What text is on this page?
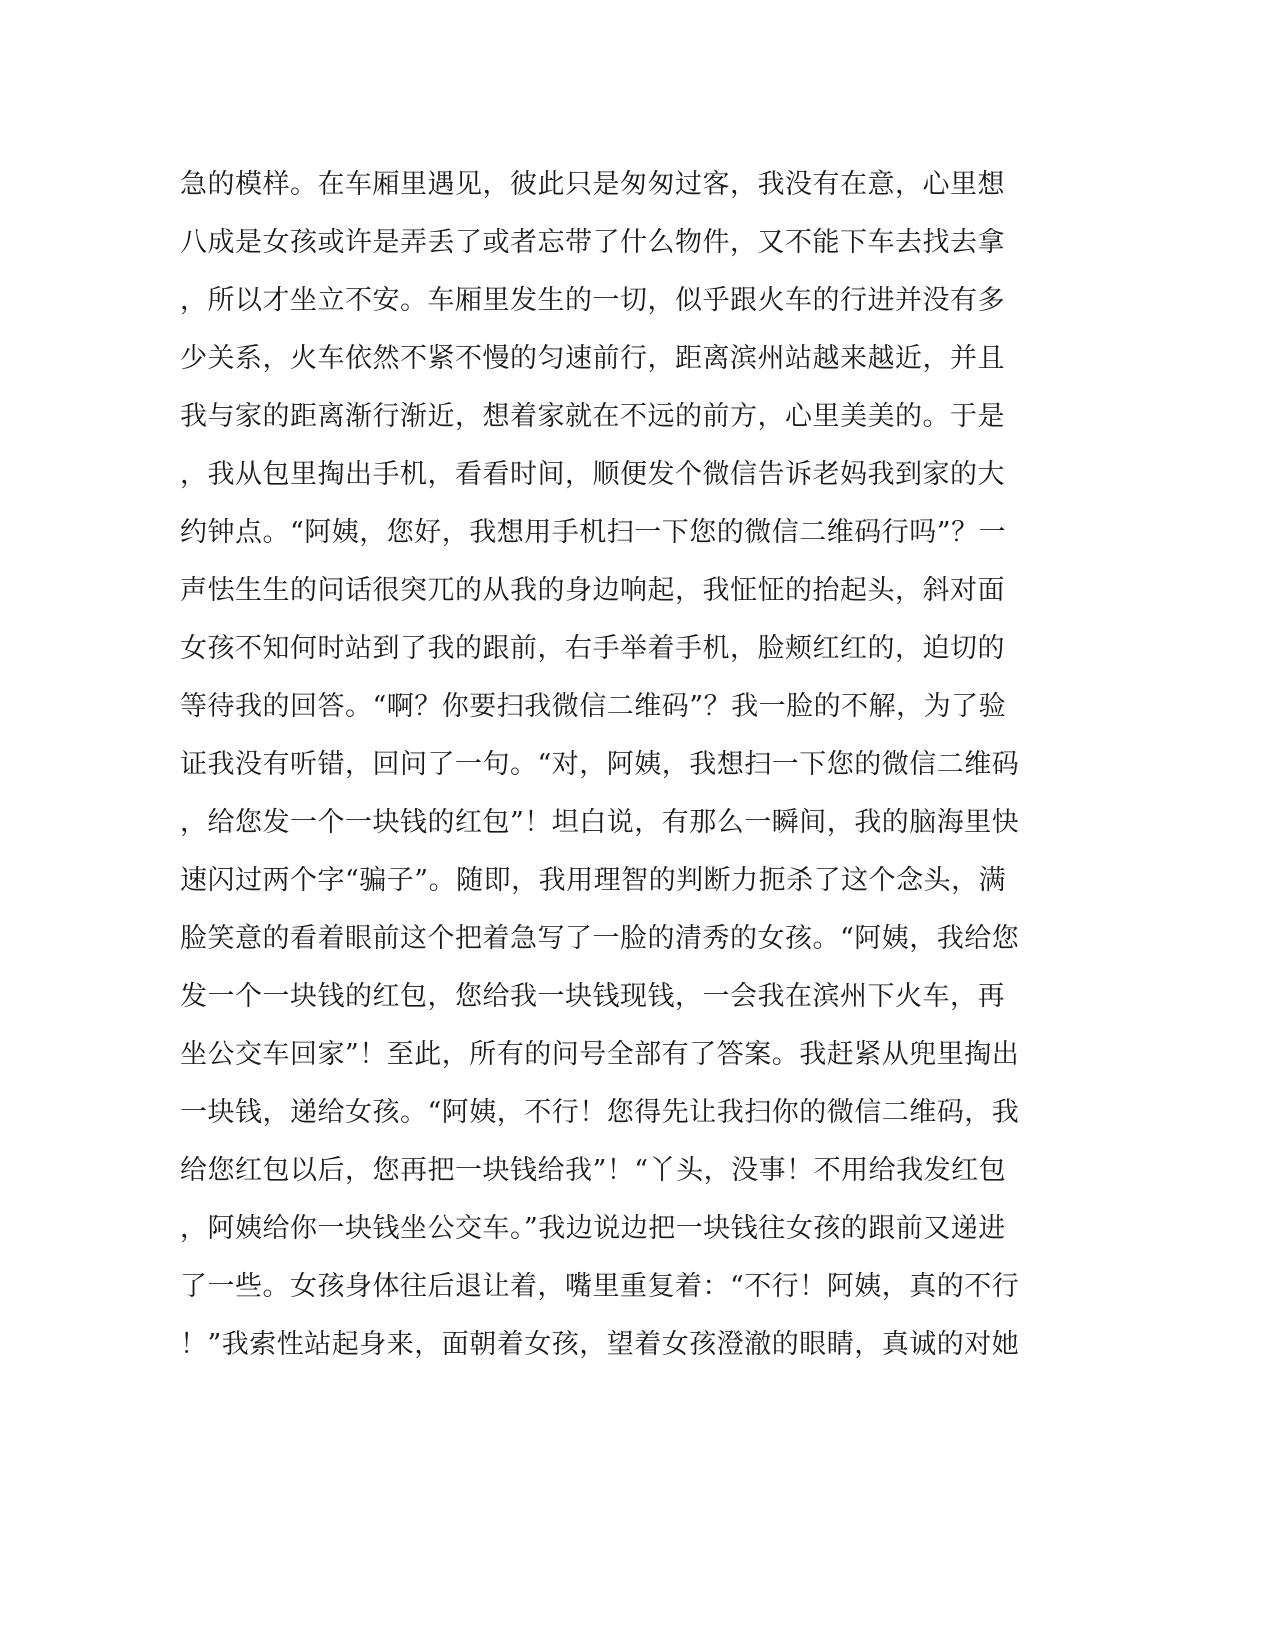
急的模样。在车厢里遇见，彼此只是匆匆过客，我没有在意，心里想
八成是女孩或许是弄丢了或者忘带了什么物件，又不能下车去找去拿
，所以才坐立不安。车厢里发生的一切，似乎跟火车的行进并没有多
少关系，火车依然不紧不慢的匀速前行，距离滨州站越来越近，并且
我与家的距离渐行渐近，想着家就在不远的前方，心里美美的。于是
，我从包里掏出手机，看看时间，顺便发个微信告诉老妈我到家的大
约钟点。“阿姨，您好，我想用手机扫一下您的微信二维码行吗”？一
声怯生生的问话很突兀的从我的身边响起，我怔怔的抬起头，斜对面
女孩不知何时站到了我的跟前，右手举着手机，脸颊红红的，迫切的
等待我的回答。“啊？你要扫我微信二维码”？我一脸的不解，为了验
证我没有听错，回问了一句。“对，阿姨，我想扫一下您的微信二维码
，给您发一个一块钱的红包”！坦白说，有那么一瞬间，我的脑海里快
速闪过两个字“骗子”。随即，我用理智的判断力扼杀了这个念头，满
脸笑意的看着眼前这个把着急写了一脸的清秀的女孩。“阿姨，我给您
发一个一块钱的红包，您给我一块钱现钱，一会我在滨州下火车，再
坐公交车回家”！至此，所有的问号全部有了答案。我赶紧从兜里掏出
一块钱，递给女孩。“阿姨，不行！您得先让我扫你的微信二维码，我
给您红包以后，您再把一块钱给我”！“丫头，没事！不用给我发红包
，阿姨给你一块钱坐公交车。”我边说边把一块钱往女孩的跟前又递进
了一些。女孩身体往后退让着，嘴里重复着：“不行！阿姨，真的不行
！”我索性站起身来，面朝着女孩，望着女孩澄澈的眼睛，真诚的对她
